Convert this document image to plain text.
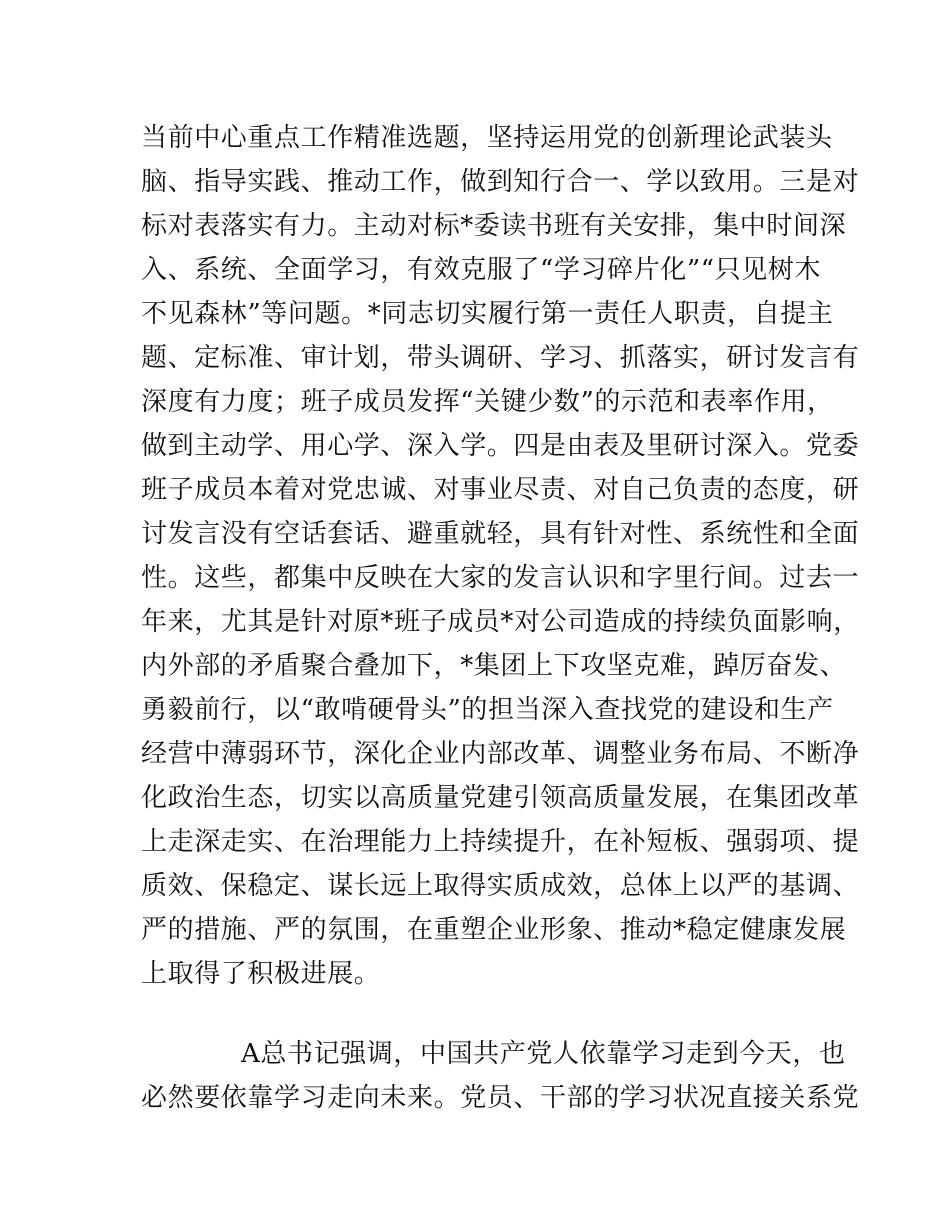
当前中心重点工作精准选题，坚持运用党的创新理论武装头
脑、指导实践、推动工作，做到知行合一、学以致用。三是对
标对表落实有力。主动对标*委读书班有关安排，集中时间深
入、系统、全面学习，有效克服了“学习碎片化”“只见树木
不见森林”等问题。*同志切实履行第一责任人职责，自提主
题、定标准、审计划，带头调研、学习、抓落实，研讨发言有
深度有力度；班子成员发挥“关键少数”的示范和表率作用，
做到主动学、用心学、深入学。四是由表及里研讨深入。党委
班子成员本着对党忠诚、对事业尽责、对自己负责的态度，研
讨发言没有空话套话、避重就轻，具有针对性、系统性和全面
性。这些，都集中反映在大家的发言认识和字里行间。过去一
年来，尤其是针对原*班子成员*对公司造成的持续负面影响，
内外部的矛盾聚合叠加下，*集团上下攻坚克难，踔厉奋发、
勇毅前行，以“敢啃硬骨头”的担当深入查找党的建设和生产
经营中薄弱环节，深化企业内部改革、调整业务布局、不断净
化政治生态，切实以高质量党建引领高质量发展，在集团改革
上走深走实、在治理能力上持续提升，在补短板、强弱项、提
质效、保稳定、谋长远上取得实质成效，总体上以严的基调、
严的措施、严的氛围，在重塑企业形象、推动*稳定健康发展
上取得了积极进展。
A总书记强调，中国共产党人依靠学习走到今天，也
必然要依靠学习走向未来。党员、干部的学习状况直接关系党
